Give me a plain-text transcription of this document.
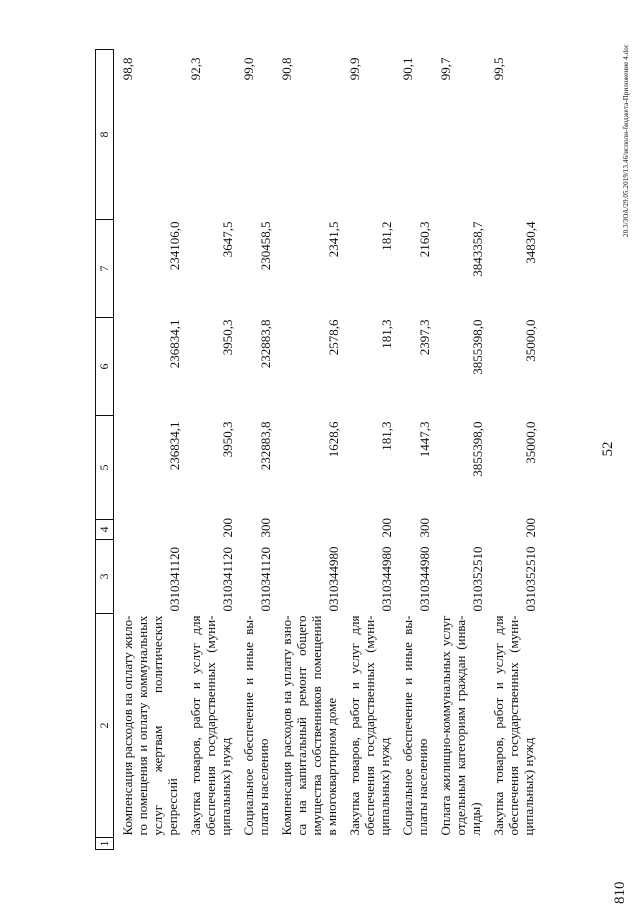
52
810
20.3/ЗОА/29.05.2019/13.46/исполн-бюджета-Приложение 4.doc
1	2	3	4	5	6	7	8
	Компенсация расходов на оплату жило-го помещения и оплату коммунальных услуг жертвам политических репрессий	0310341120		236834,1	236834,1	234106,0	98,8
	Закупка товаров, работ и услуг для обеспечения государственных (муни-ципальных) нужд	0310341120	200	3950,3	3950,3	3647,5	92,3
	Социальное обеспечение и иные вы-платы населению	0310341120	300	232883,8	232883,8	230458,5	99,0
	Компенсация расходов на уплату взно-са на капитальный ремонт общего имущества собственников помещений в многоквартирном доме	0310344980		1628,6	2578,6	2341,5	90,8
	Закупка товаров, работ и услуг для обеспечения государственных (муни-ципальных) нужд	0310344980	200	181,3	181,3	181,2	99,9
	Социальное обеспечение и иные вы-платы населению	0310344980	300	1447,3	2397,3	2160,3	90,1
	Оплата жилищно-коммунальных услуг отдельным категориям граждан (инва-лиды)	0310352510		3855398,0	3855398,0	3843358,7	99,7
	Закупка товаров, работ и услуг для обеспечения государственных (муни-ципальных) нужд	0310352510	200	35000,0	35000,0	34830,4	99,5
